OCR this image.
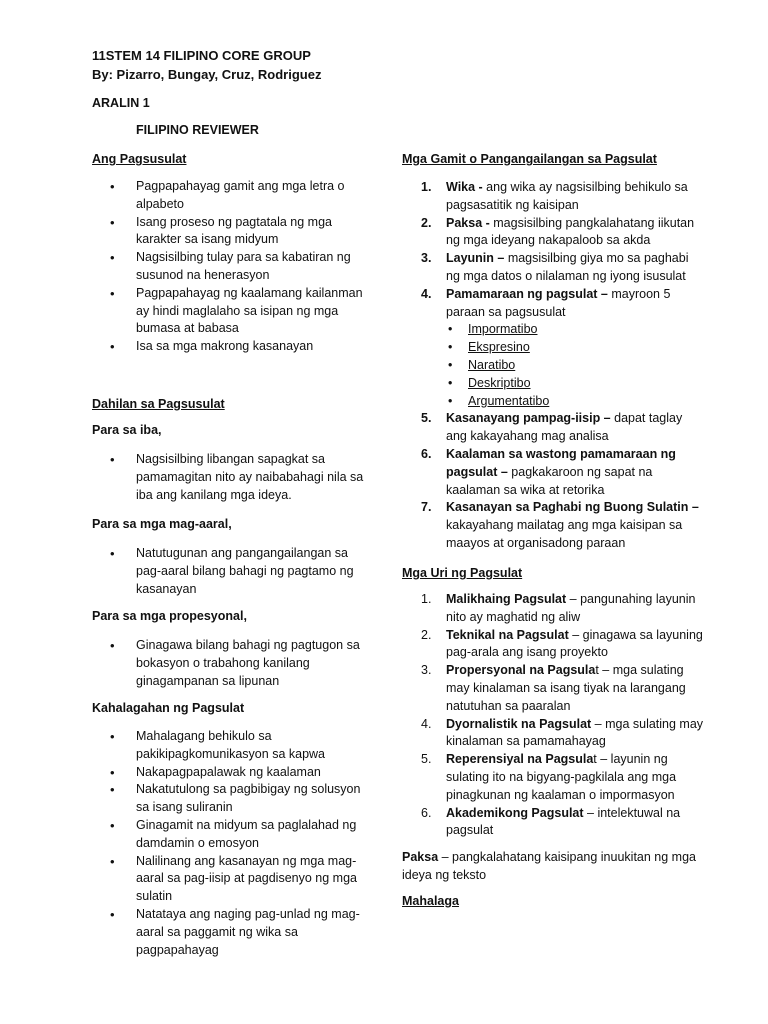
11STEM 14 FILIPINO CORE GROUP
By: Pizarro, Bungay, Cruz, Rodriguez
ARALIN 1
FILIPINO REVIEWER
Ang Pagsusulat
• Pagpapahayag gamit ang mga letra o alpabeto
• Isang proseso ng pagtatala ng mga karakter sa isang midyum
• Nagsisilbing tulay para sa kabatiran ng susunod na henerasyon
• Pagpapahayag ng kaalamang kailanman ay hindi maglalaho sa isipan ng mga bumasa at babasa
• Isa sa mga makrong kasanayan
Dahilan sa Pagsusulat
Para sa iba,
• Nagsisilbing libangan sapagkat sa pamamagitan nito ay naibabahagi nila sa iba ang kanilang mga ideya.
Para sa mga mag-aaral,
• Natutugunan ang pangangailangan sa pag-aaral bilang bahagi ng pagtamo ng kasanayan
Para sa mga propesyonal,
• Ginagawa bilang bahagi ng pagtugon sa bokasyon o trabahong kanilang ginagampanan sa lipunan
Kahalagahan ng Pagsulat
• Mahalagang behikulo sa pakikipagkomunikasyon sa kapwa
• Nakapagpapalawak ng kaalaman
• Nakatutulong sa pagbibigay ng solusyon sa isang suliranin
• Ginagamit na midyum sa paglalahad ng damdamin o emosyon
• Nalilinang ang kasanayan ng mga mag-aaral sa pag-iisip at pagdisenyo ng mga sulatin
• Natataya ang naging pag-unlad ng mag-aaral sa paggamit ng wika sa pagpapahayag
Mga Gamit o Pangangailangan sa Pagsulat
1. Wika - ang wika ay nagsisilbing behikulo sa pagsasatitik ng kaisipan
2. Paksa - magsisilbing pangkalahatang iikutan ng mga ideyang nakapaloob sa akda
3. Layunin – magsisilbing giya mo sa paghabi ng mga datos o nilalaman ng iyong isusulat
4. Pamamaraan ng pagsulat – mayroon 5 paraan sa pagsusulat
• Impormatibo
• Ekspresino
• Naratibo
• Deskriptibo
• Argumentatibo
5. Kasanayang pampag-iisip – dapat taglay ang kakayahang mag analisa
6. Kaalaman sa wastong pamamaraan ng pagsulat – pagkakaroon ng sapat na kaalaman sa wika at retorika
7. Kasanayan sa Paghabi ng Buong Sulatin – kakayahang mailatag ang mga kaisipan sa maayos at organisadong paraan
Mga Uri ng Pagsulat
1. Malikhaing Pagsulat – pangunahing layunin nito ay maghatid ng aliw
2. Teknikal na Pagsulat – ginagawa sa layuning pag-arala ang isang proyekto
3. Propersyonal na Pagsulat – mga sulating may kinalaman sa isang tiyak na larangang natutuhan sa paaralan
4. Dyornalistik na Pagsulat – mga sulating may kinalaman sa pamamahayag
5. Reperensiyal na Pagsulat – layunin ng sulating ito na bigyang-pagkilala ang mga pinagkunan ng kaalaman o impormasyon
6. Akademikong Pagsulat – intelektuwal na pagsulat
Paksa – pangkalahatang kaisipang inuukitan ng mga ideya ng teksto
Mahalaga
